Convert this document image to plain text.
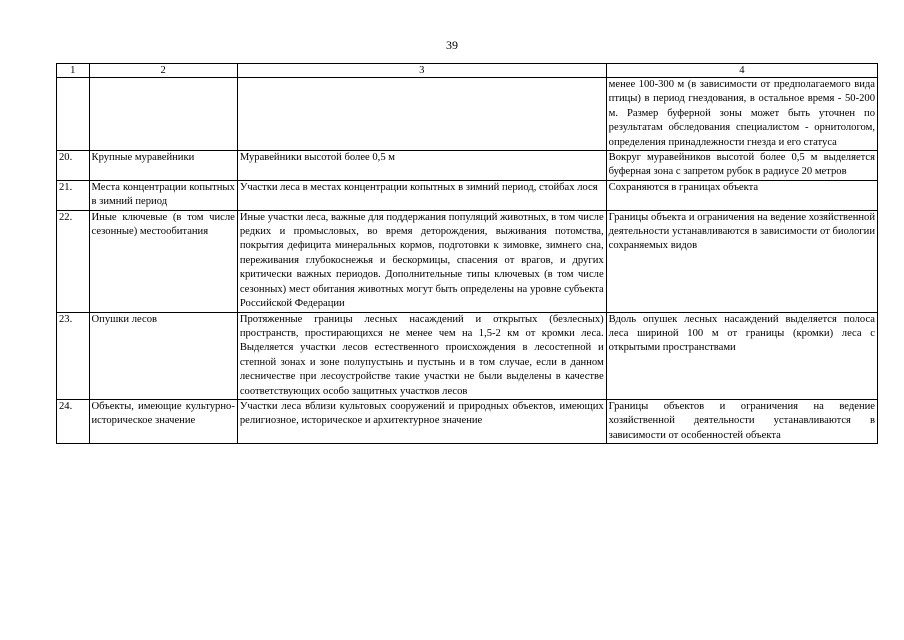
39
1	2	3	4
			менее 100-300 м (в зависимости от предполагаемого вида птицы) в период гнездования, в остальное время - 50-200 м. Размер буферной зоны может быть уточнен по результатам обследования специалистом - орнитологом, определения принадлежности гнезда и его статуса
20.	Крупные муравейники	Муравейники высотой более 0,5 м	Вокруг муравейников высотой более 0,5 м выделяется буферная зона с запретом рубок в радиусе 20 метров
21.	Места концентрации копытных в зимний период	Участки леса в местах концентрации копытных в зимний период, стойбах лося	Сохраняются в границах объекта
22.	Иные ключевые (в том числе сезонные) местообитания	Иные участки леса, важные для поддержания популяций животных, в том числе редких и промысловых, во время деторождения, выживания потомства, покрытия дефицита минеральных кормов, подготовки к зимовке, зимнего сна, переживания глубокоснежья и бескормицы, спасения от врагов, и других критически важных периодов. Дополнительные типы ключевых (в том числе сезонных) мест обитания животных могут быть определены на уровне субъекта Российской Федерации	Границы объекта и ограничения на ведение хозяйственной деятельности устанавливаются в зависимости от биологии сохраняемых видов
23.	Опушки лесов	Протяженные границы лесных насаждений и открытых (безлесных) пространств, простирающихся не менее чем на 1,5-2 км от кромки леса. Выделяется участки лесов естественного происхождения в лесостепной и степной зонах и зоне полупустынь и пустынь и в том случае, если в данном лесничестве при лесоустройстве такие участки не были выделены в качестве соответствующих особо защитных участков лесов	Вдоль опушек лесных насаждений выделяется полоса леса шириной 100 м от границы (кромки) леса с открытыми пространствами
24.	Объекты, имеющие культурно-историческое значение	Участки леса вблизи культовых сооружений и природных объектов, имеющих религиозное, историческое и архитектурное значение	Границы объектов и ограничения на ведение хозяйственной деятельности устанавливаются в зависимости от особенностей объекта
